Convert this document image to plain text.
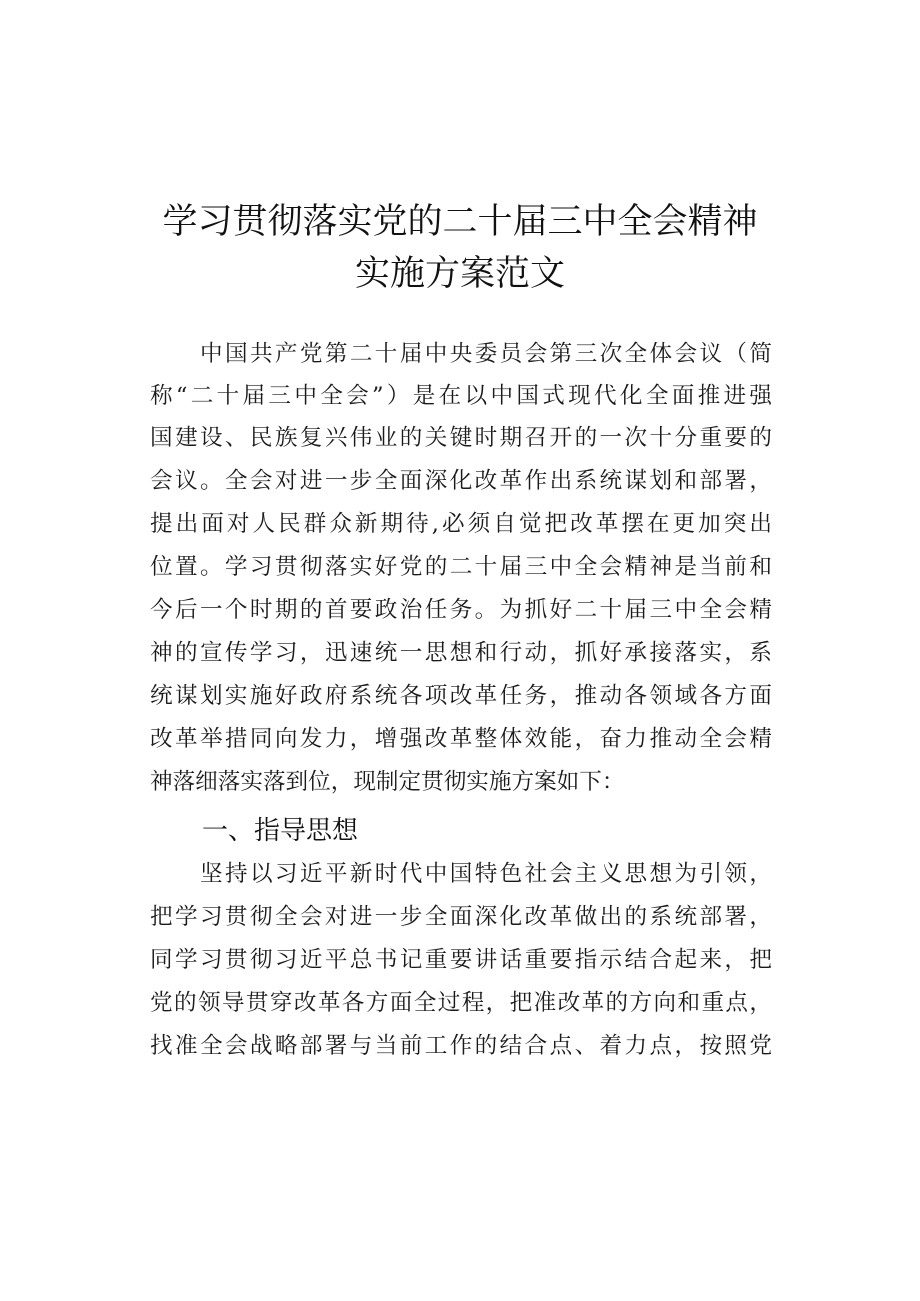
学习贯彻落实党的二十届三中全会精神
实施方案范文
中国共产党第二十届中央委员会第三次全体会议（简
称“二十届三中全会”）是在以中国式现代化全面推进强
国建设、民族复兴伟业的关键时期召开的一次十分重要的
会议。全会对进一步全面深化改革作出系统谋划和部署，
提出面对人民群众新期待,必须自觉把改革摆在更加突出
位置。学习贯彻落实好党的二十届三中全会精神是当前和
今后一个时期的首要政治任务。为抓好二十届三中全会精
神的宣传学习，迅速统一思想和行动，抓好承接落实，系
统谋划实施好政府系统各项改革任务，推动各领域各方面
改革举措同向发力，增强改革整体效能，奋力推动全会精
神落细落实落到位，现制定贯彻实施方案如下：
一、指导思想
坚持以习近平新时代中国特色社会主义思想为引领，
把学习贯彻全会对进一步全面深化改革做出的系统部署，
同学习贯彻习近平总书记重要讲话重要指示结合起来，把
党的领导贯穿改革各方面全过程，把准改革的方向和重点，
找准全会战略部署与当前工作的结合点、着力点，按照党
